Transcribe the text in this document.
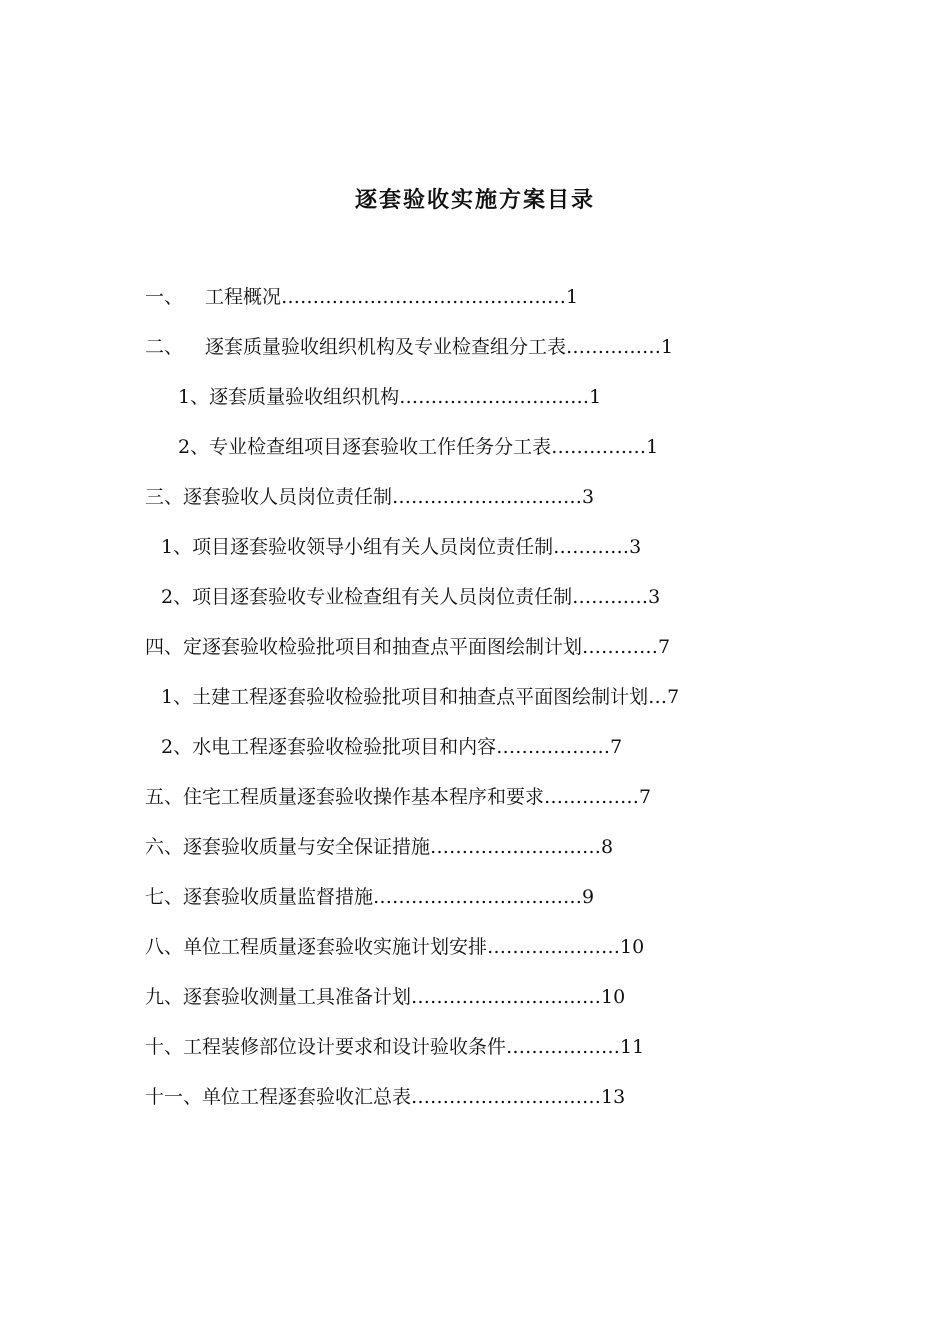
逐套验收实施方案目录
一、 工程概况………………………………………1
二、 逐套质量验收组织机构及专业检查组分工表……………1
1、逐套质量验收组织机构…………………………1
2、专业检查组项目逐套验收工作任务分工表……………1
三、逐套验收人员岗位责任制…………………………3
1、项目逐套验收领导小组有关人员岗位责任制…………3
2、项目逐套验收专业检查组有关人员岗位责任制…………3
四、定逐套验收检验批项目和抽查点平面图绘制计划…………7
1、土建工程逐套验收检验批项目和抽查点平面图绘制计划…7
2、水电工程逐套验收检验批项目和内容………………7
五、住宅工程质量逐套验收操作基本程序和要求……………7
六、逐套验收质量与安全保证措施………………………8
七、逐套验收质量监督措施……………………………9
八、单位工程质量逐套验收实施计划安排…………………10
九、逐套验收测量工具准备计划…………………………10
十、工程装修部位设计要求和设计验收条件………………11
十一、单位工程逐套验收汇总表…………………………13
